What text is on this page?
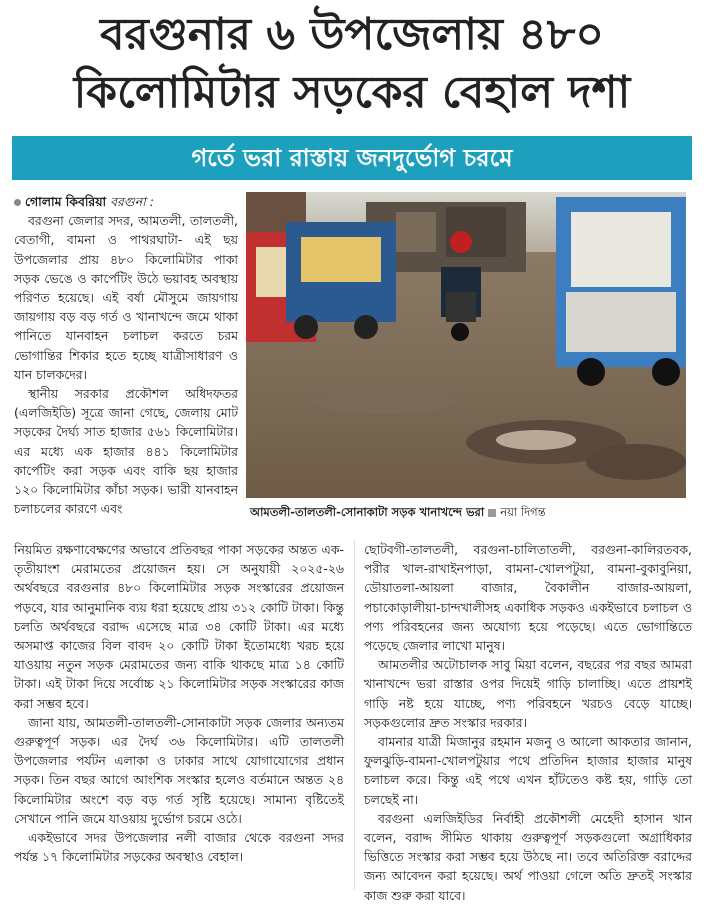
বরগুনার ৬ উপজেলায় ৪৮০
কিলোমিটার সড়কের বেহাল দশা
গর্তে ভরা রাস্তায় জনদুর্ভোগ চরমে

গোলাম কিবরিয়া বরগুনা :

বরগুনা জেলার সদর, আমতলী, তালতলী, বেতাগী, বামনা ও পাথরঘাটা- এই ছয় উপজেলার প্রায় ৪৮০ কিলোমিটার পাকা সড়ক ভেঙে ও কার্পেটিং উঠে ভয়াবহ অবস্থায় পরিণত হয়েছে। এই বর্ষা মৌসুমে জায়গায় জায়গায় বড় বড় গর্ত ও খানাখন্দে জমে থাকা পানিতে যানবাহন চলাচল করতে চরম ভোগান্তির শিকার হতে হচ্ছে যাত্রীসাধারণ ও যান চালকদের।

স্থানীয় সরকার প্রকৌশল অধিদফতর (এলজিইডি) সূত্রে জানা গেছে, জেলায় মোট সড়কের দৈর্ঘ্য সাত হাজার ৫৬১ কিলোমিটার। এর মধ্যে এক হাজার ৪৪১ কিলোমিটার কার্পেটিং করা সড়ক এবং বাকি ছয় হাজার ১২০ কিলোমিটার কাঁচা সড়ক। ভারী যানবাহন চলাচলের কারণে এবং	আমতলী-তালতলী-সোনাকাটা সড়ক খানাখন্দে ভরা নয়া দিগন্ত

নিয়মিত রক্ষণাবেক্ষণের অভাবে প্রতিবছর পাকা সড়কের অন্তত এক-তৃতীয়াংশ মেরামতের প্রয়োজন হয়। সে অনুযায়ী ২০২৫-২৬ অর্থবছরে বরগুনার ৪৮০ কিলোমিটার সড়ক সংস্কারের প্রয়োজন পড়বে, যার আনুমানিক ব্যয় ধরা হয়েছে প্রায় ৩১২ কোটি টাকা। কিন্তু চলতি অর্থবছরে বরাদ্দ এসেছে মাত্র ৩৪ কোটি টাকা। এর মধ্যে অসমাপ্ত কাজের বিল বাবদ ২০ কোটি টাকা ইতোমধ্যে খরচ হয়ে যাওয়ায় নতুন সড়ক মেরামতের জন্য বাকি থাকছে মাত্র ১৪ কোটি টাকা। এই টাকা দিয়ে সর্বোচ্চ ২১ কিলোমিটার সড়ক সংস্কারের কাজ করা সম্ভব হবে।

জানা যায়, আমতলী-তালতলী-সোনাকাটা সড়ক জেলার অন্যতম গুরুত্বপূর্ণ সড়ক। এর দৈর্ঘ ৩৬ কিলোমিটার। এটি তালতলী উপজেলার পর্যটন এলাকা ও ঢাকার সাথে যোগাযোগের প্রধান সড়ক। তিন বছর আগে আংশিক সংস্কার হলেও বর্তমানে অন্তত ২৪ কিলোমিটার অংশে বড় বড় গর্ত সৃষ্টি হয়েছে। সামান্য বৃষ্টিতেই সেখানে পানি জমে যাওয়ায় দুর্ভোগ চরমে ওঠে।

একইভাবে সদর উপজেলার নলী বাজার থেকে বরগুনা সদর পর্যন্ত ১৭ কিলোমিটার সড়কের অবস্থাও বেহাল।

ছোটবগী-তালতলী, বরগুনা-চালিতাতলী, বরগুনা-কালিরতবক, পরীর খাল-রাখাইনপাড়া, বামনা-খোলপটুয়া, বামনা-বুকাবুনিয়া, ডৌয়াতলা-আয়লা বাজার, বৈকালীন বাজার-আয়লা, পচাকোড়ালীয়া-চান্দখালীসহ একাধিক সড়কও একইভাবে চলাচল ও পণ্য পরিবহনের জন্য অযোগ্য হয়ে পড়েছে। এতে ভোগান্তিতে পড়েছে জেলার লাখো মানুষ।

আমতলীর অটোচালক সাবু মিয়া বলেন, বছরের পর বছর আমরা খানাখন্দে ভরা রাস্তার ওপর দিয়েই গাড়ি চালাচ্ছি। এতে প্রায়শই গাড়ি নষ্ট হয়ে যাচ্ছে, পণ্য পরিবহনে খরচও বেড়ে যাচ্ছে। সড়কগুলোর দ্রুত সংস্কার দরকার।

বামনার যাত্রী মিজানুর রহমান মজনু ও আলো আকতার জানান, ফুলঝুড়ি-বামনা-খোলপটুয়ার পথে প্রতিদিন হাজার হাজার মানুষ চলাচল করে। কিন্তু এই পথে এখন হাঁটতেও কষ্ট হয়, গাড়ি তো চলছেই না।

বরগুনা এলজিইডির নির্বাহী প্রকৌশলী মেহেদী হাসান খান বলেন, বরাদ্দ সীমিত থাকায় গুরুত্বপূর্ণ সড়কগুলো অগ্রাধিকার ভিত্তিতে সংস্কার করা সম্ভব হয়ে উঠছে না। তবে অতিরিক্ত বরাদ্দের জন্য আবেদন করা হয়েছে। অর্থ পাওয়া গেলে অতি দ্রুতই সংস্কার কাজ শুরু করা যাবে।
